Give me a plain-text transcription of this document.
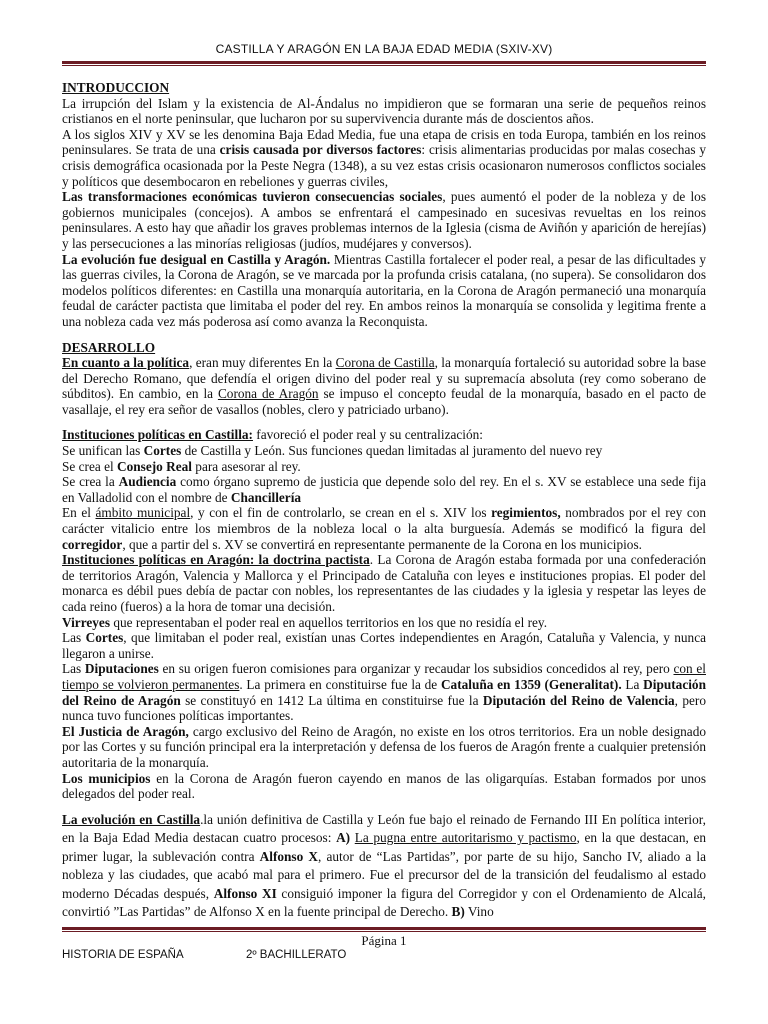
CASTILLA Y ARAGÓN EN LA BAJA EDAD MEDIA (SXIV-XV)

INTRODUCCION

La irrupción del Islam y la existencia de Al-Ándalus no impidieron que se formaran una serie de pequeños reinos cristianos en el norte peninsular, que lucharon por su supervivencia durante más de doscientos años.

A los siglos XIV y XV se les denomina Baja Edad Media, fue una etapa de crisis en toda Europa, también en los reinos peninsulares. Se trata de una crisis causada por diversos factores: crisis alimentarias producidas por malas cosechas y crisis demográfica ocasionada por la Peste Negra (1348), a su vez estas crisis ocasionaron numerosos conflictos sociales y políticos que desembocaron en rebeliones y guerras civiles,

Las transformaciones económicas tuvieron consecuencias sociales, pues aumentó el poder de la nobleza y de los gobiernos municipales (concejos). A ambos se enfrentará el campesinado en sucesivas revueltas en los reinos peninsulares. A esto hay que añadir los graves problemas internos de la Iglesia (cisma de Aviñón y aparición de herejías) y las persecuciones a las minorías religiosas (judíos, mudéjares y conversos).

La evolución fue desigual en Castilla y Aragón. Mientras Castilla fortalecer el poder real, a pesar de las dificultades y las guerras civiles, la Corona de Aragón, se ve marcada por la profunda crisis catalana, (no supera). Se consolidaron dos modelos políticos diferentes: en Castilla una monarquía autoritaria, en la Corona de Aragón permaneció una monarquía feudal de carácter pactista que limitaba el poder del rey. En ambos reinos la monarquía se consolida y legitima frente a una nobleza cada vez más poderosa así como avanza la Reconquista.

DESARROLLO

En cuanto a la política, eran muy diferentes En la Corona de Castilla, la monarquía fortaleció su autoridad sobre la base del Derecho Romano, que defendía el origen divino del poder real y su supremacía absoluta (rey como soberano de súbditos). En cambio, en la Corona de Aragón se impuso el concepto feudal de la monarquía, basado en el pacto de vasallaje, el rey era señor de vasallos (nobles, clero y patriciado urbano).

Instituciones políticas en Castilla: favoreció el poder real y su centralización:

Se unifican las Cortes de Castilla y León. Sus funciones quedan limitadas al juramento del nuevo rey

Se crea el Consejo Real para asesorar al rey.

Se crea la Audiencia como órgano supremo de justicia que depende solo del rey. En el s. XV se establece una sede fija en Valladolid con el nombre de Chancillería

En el ámbito municipal, y con el fin de controlarlo, se crean en el s. XIV los regimientos, nombrados por el rey con carácter vitalicio entre los miembros de la nobleza local o la alta burguesía. Además se modificó la figura del corregidor, que a partir del s. XV se convertirá en representante permanente de la Corona en los municipios.

Instituciones políticas en Aragón: la doctrina pactista. La Corona de Aragón estaba formada por una confederación de territorios Aragón, Valencia y Mallorca y el Principado de Cataluña con leyes e instituciones propias. El poder del monarca es débil pues debía de pactar con nobles, los representantes de las ciudades y la iglesia y respetar las leyes de cada reino (fueros) a la hora de tomar una decisión.

Virreyes que representaban el poder real en aquellos territorios en los que no residía el rey.

Las Cortes, que limitaban el poder real, existían unas Cortes independientes en Aragón, Cataluña y Valencia, y nunca llegaron a unirse.

Las Diputaciones en su origen fueron comisiones para organizar y recaudar los subsidios concedidos al rey, pero con el tiempo se volvieron permanentes. La primera en constituirse fue la de Cataluña en 1359 (Generalitat). La Diputación del Reino de Aragón se constituyó en 1412 La última en constituirse fue la Diputación del Reino de Valencia, pero nunca tuvo funciones políticas importantes.

El Justicia de Aragón, cargo exclusivo del Reino de Aragón, no existe en los otros territorios. Era un noble designado por las Cortes y su función principal era la interpretación y defensa de los fueros de Aragón frente a cualquier pretensión autoritaria de la monarquía.

Los municipios en la Corona de Aragón fueron cayendo en manos de las oligarquías. Estaban formados por unos delegados del poder real.

La evolución en Castilla.la unión definitiva de Castilla y León fue bajo el reinado de Fernando III En política interior, en la Baja Edad Media destacan cuatro procesos: A) La pugna entre autoritarismo y pactismo, en la que destacan, en primer lugar, la sublevación contra Alfonso X, autor de “Las Partidas”, por parte de su hijo, Sancho IV, aliado a la nobleza y las ciudades, que acabó mal para el primero. Fue el precursor del de la transición del feudalismo al estado moderno Décadas después, Alfonso XI consiguió imponer la figura del Corregidor y con el Ordenamiento de Alcalá, convirtió ”Las Partidas” de Alfonso X en la fuente principal de Derecho. B) Vino

Página 1
HISTORIA DE ESPAÑA	2º BACHILLERATO
